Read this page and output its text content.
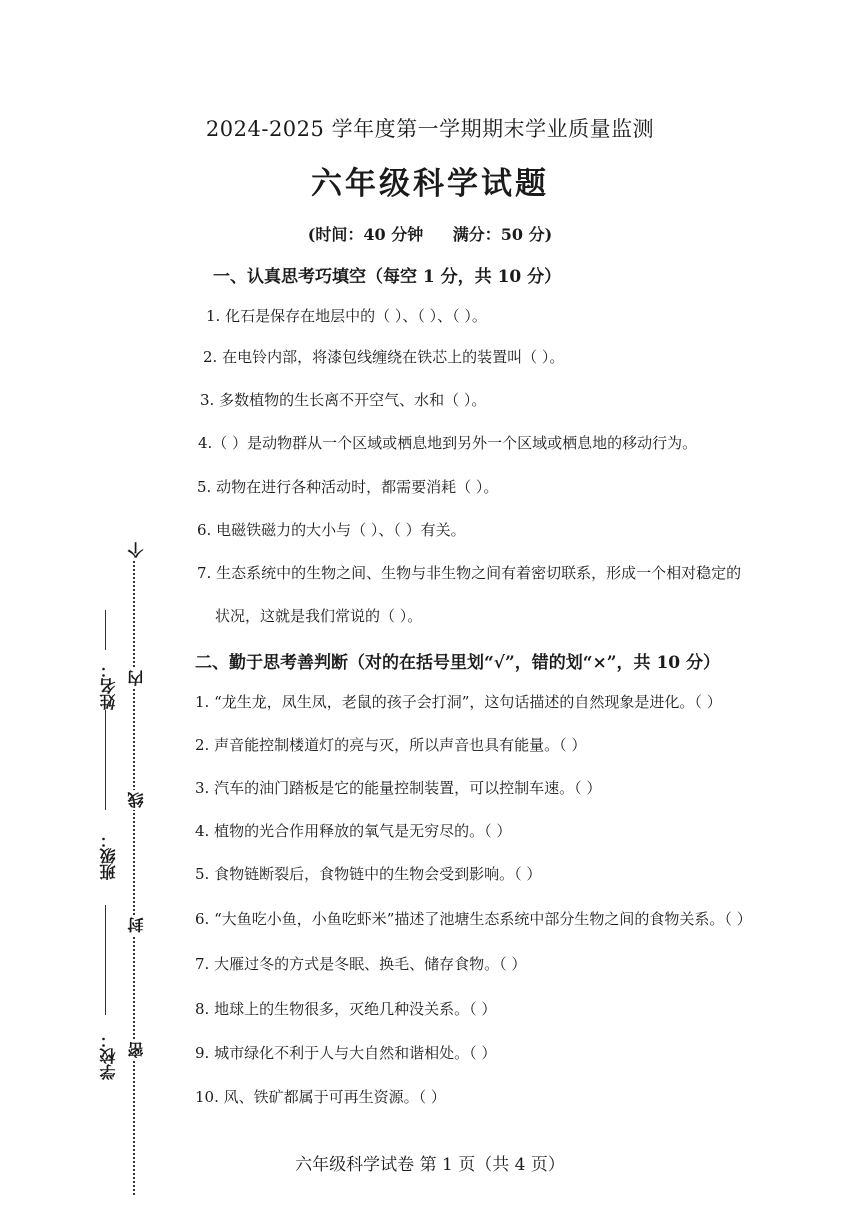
2024-2025 学年度第一学期期末学业质量监测
六年级科学试题
(时间：40 分钟 满分：50 分)
一、认真思考巧填空（每空 1 分，共 10 分）
1. 化石是保存在地层中的（ ）、（ ）、（ ）。
2. 在电铃内部，将漆包线缠绕在铁芯上的装置叫（ ）。
3. 多数植物的生长离不开空气、水和（ ）。
4.（ ）是动物群从一个区域或栖息地到另外一个区域或栖息地的移动行为。
5. 动物在进行各种活动时，都需要消耗（ ）。
6. 电磁铁磁力的大小与（ ）、（ ）有关。
7. 生态系统中的生物之间、生物与非生物之间有着密切联系，形成一个相对稳定的
状况，这就是我们常说的（ ）。
二、勤于思考善判断（对的在括号里划“√”，错的划“×”，共 10 分）
1. “龙生龙，凤生凤，老鼠的孩子会打洞”，这句话描述的自然现象是进化。（ ）
2. 声音能控制楼道灯的亮与灭，所以声音也具有能量。（ ）
3. 汽车的油门踏板是它的能量控制装置，可以控制车速。（ ）
4. 植物的光合作用释放的氧气是无穷尽的。（ ）
5. 食物链断裂后，食物链中的生物会受到影响。（ ）
6. “大鱼吃小鱼，小鱼吃虾米”描述了池塘生态系统中部分生物之间的食物关系。（ ）
7. 大雁过冬的方式是冬眠、换毛、储存食物。（ ）
8. 地球上的生物很多，灭绝几种没关系。（ ）
9. 城市绿化不利于人与大自然和谐相处。（ ）
10. 风、铁矿都属于可再生资源。（ ）
六年级科学试卷 第 1 页（共 4 页）
个
内
线
封
密
姓名：
班级：
学校：
